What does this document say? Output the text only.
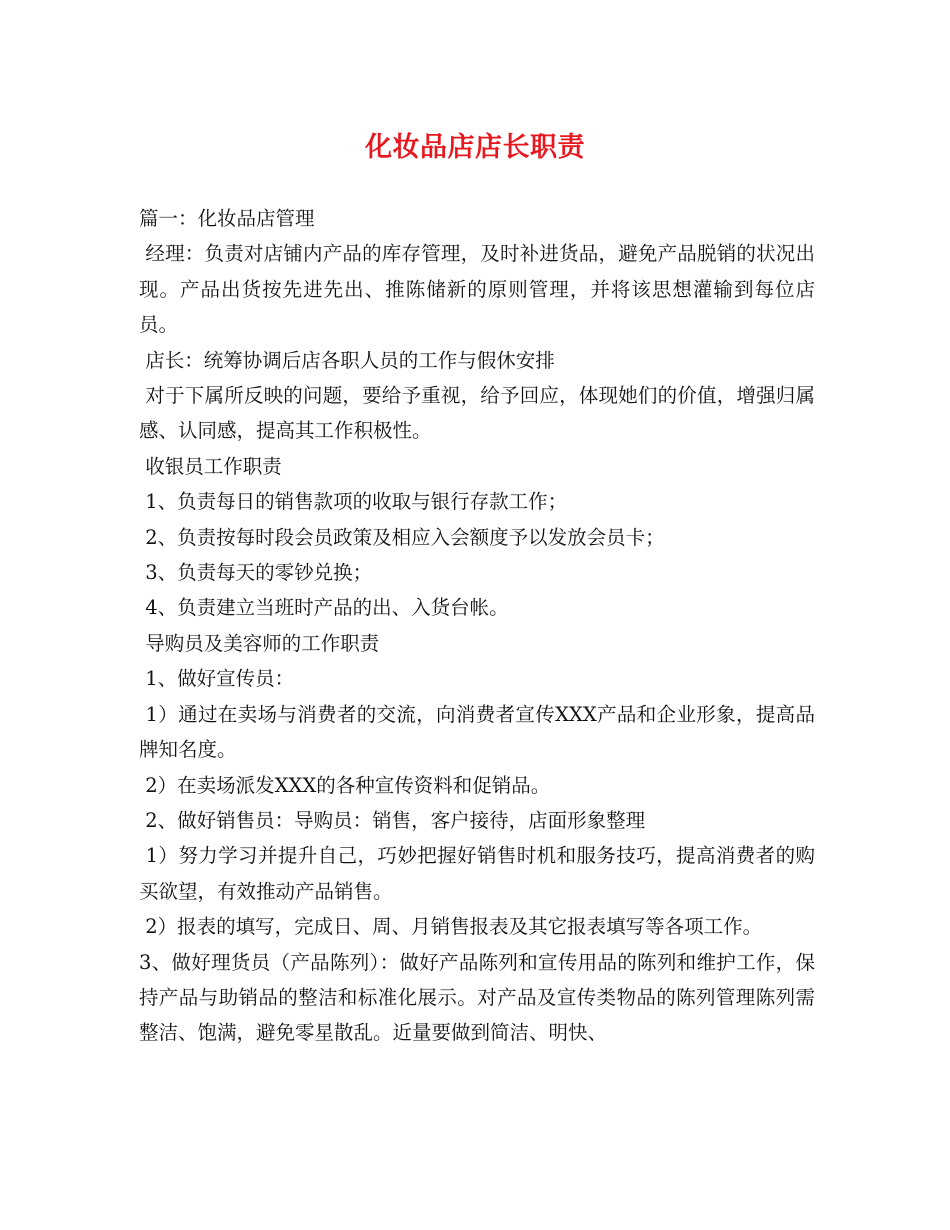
化妆品店店长职责

篇一：化妆品店管理

经理：负责对店铺内产品的库存管理，及时补进货品，避免产品脱销的状况出现。产品出货按先进先出、推陈储新的原则管理，并将该思想灌输到每位店员。

店长：统筹协调后店各职人员的工作与假休安排

对于下属所反映的问题，要给予重视，给予回应，体现她们的价值，增强归属感、认同感，提高其工作积极性。

收银员工作职责

1、负责每日的销售款项的收取与银行存款工作；

2、负责按每时段会员政策及相应入会额度予以发放会员卡；

3、负责每天的零钞兑换；

4、负责建立当班时产品的出、入货台帐。

导购员及美容师的工作职责

1、做好宣传员：

1）通过在卖场与消费者的交流，向消费者宣传XXX产品和企业形象，提高品牌知名度。

2）在卖场派发XXX的各种宣传资料和促销品。

2、做好销售员：导购员：销售，客户接待，店面形象整理

1）努力学习并提升自己，巧妙把握好销售时机和服务技巧，提高消费者的购买欲望，有效推动产品销售。

2）报表的填写，完成日、周、月销售报表及其它报表填写等各项工作。

3、做好理货员（产品陈列）：做好产品陈列和宣传用品的陈列和维护工作，保持产品与助销品的整洁和标准化展示。对产品及宣传类物品的陈列管理陈列需整洁、饱满，避免零星散乱。近量要做到简洁、明快、
